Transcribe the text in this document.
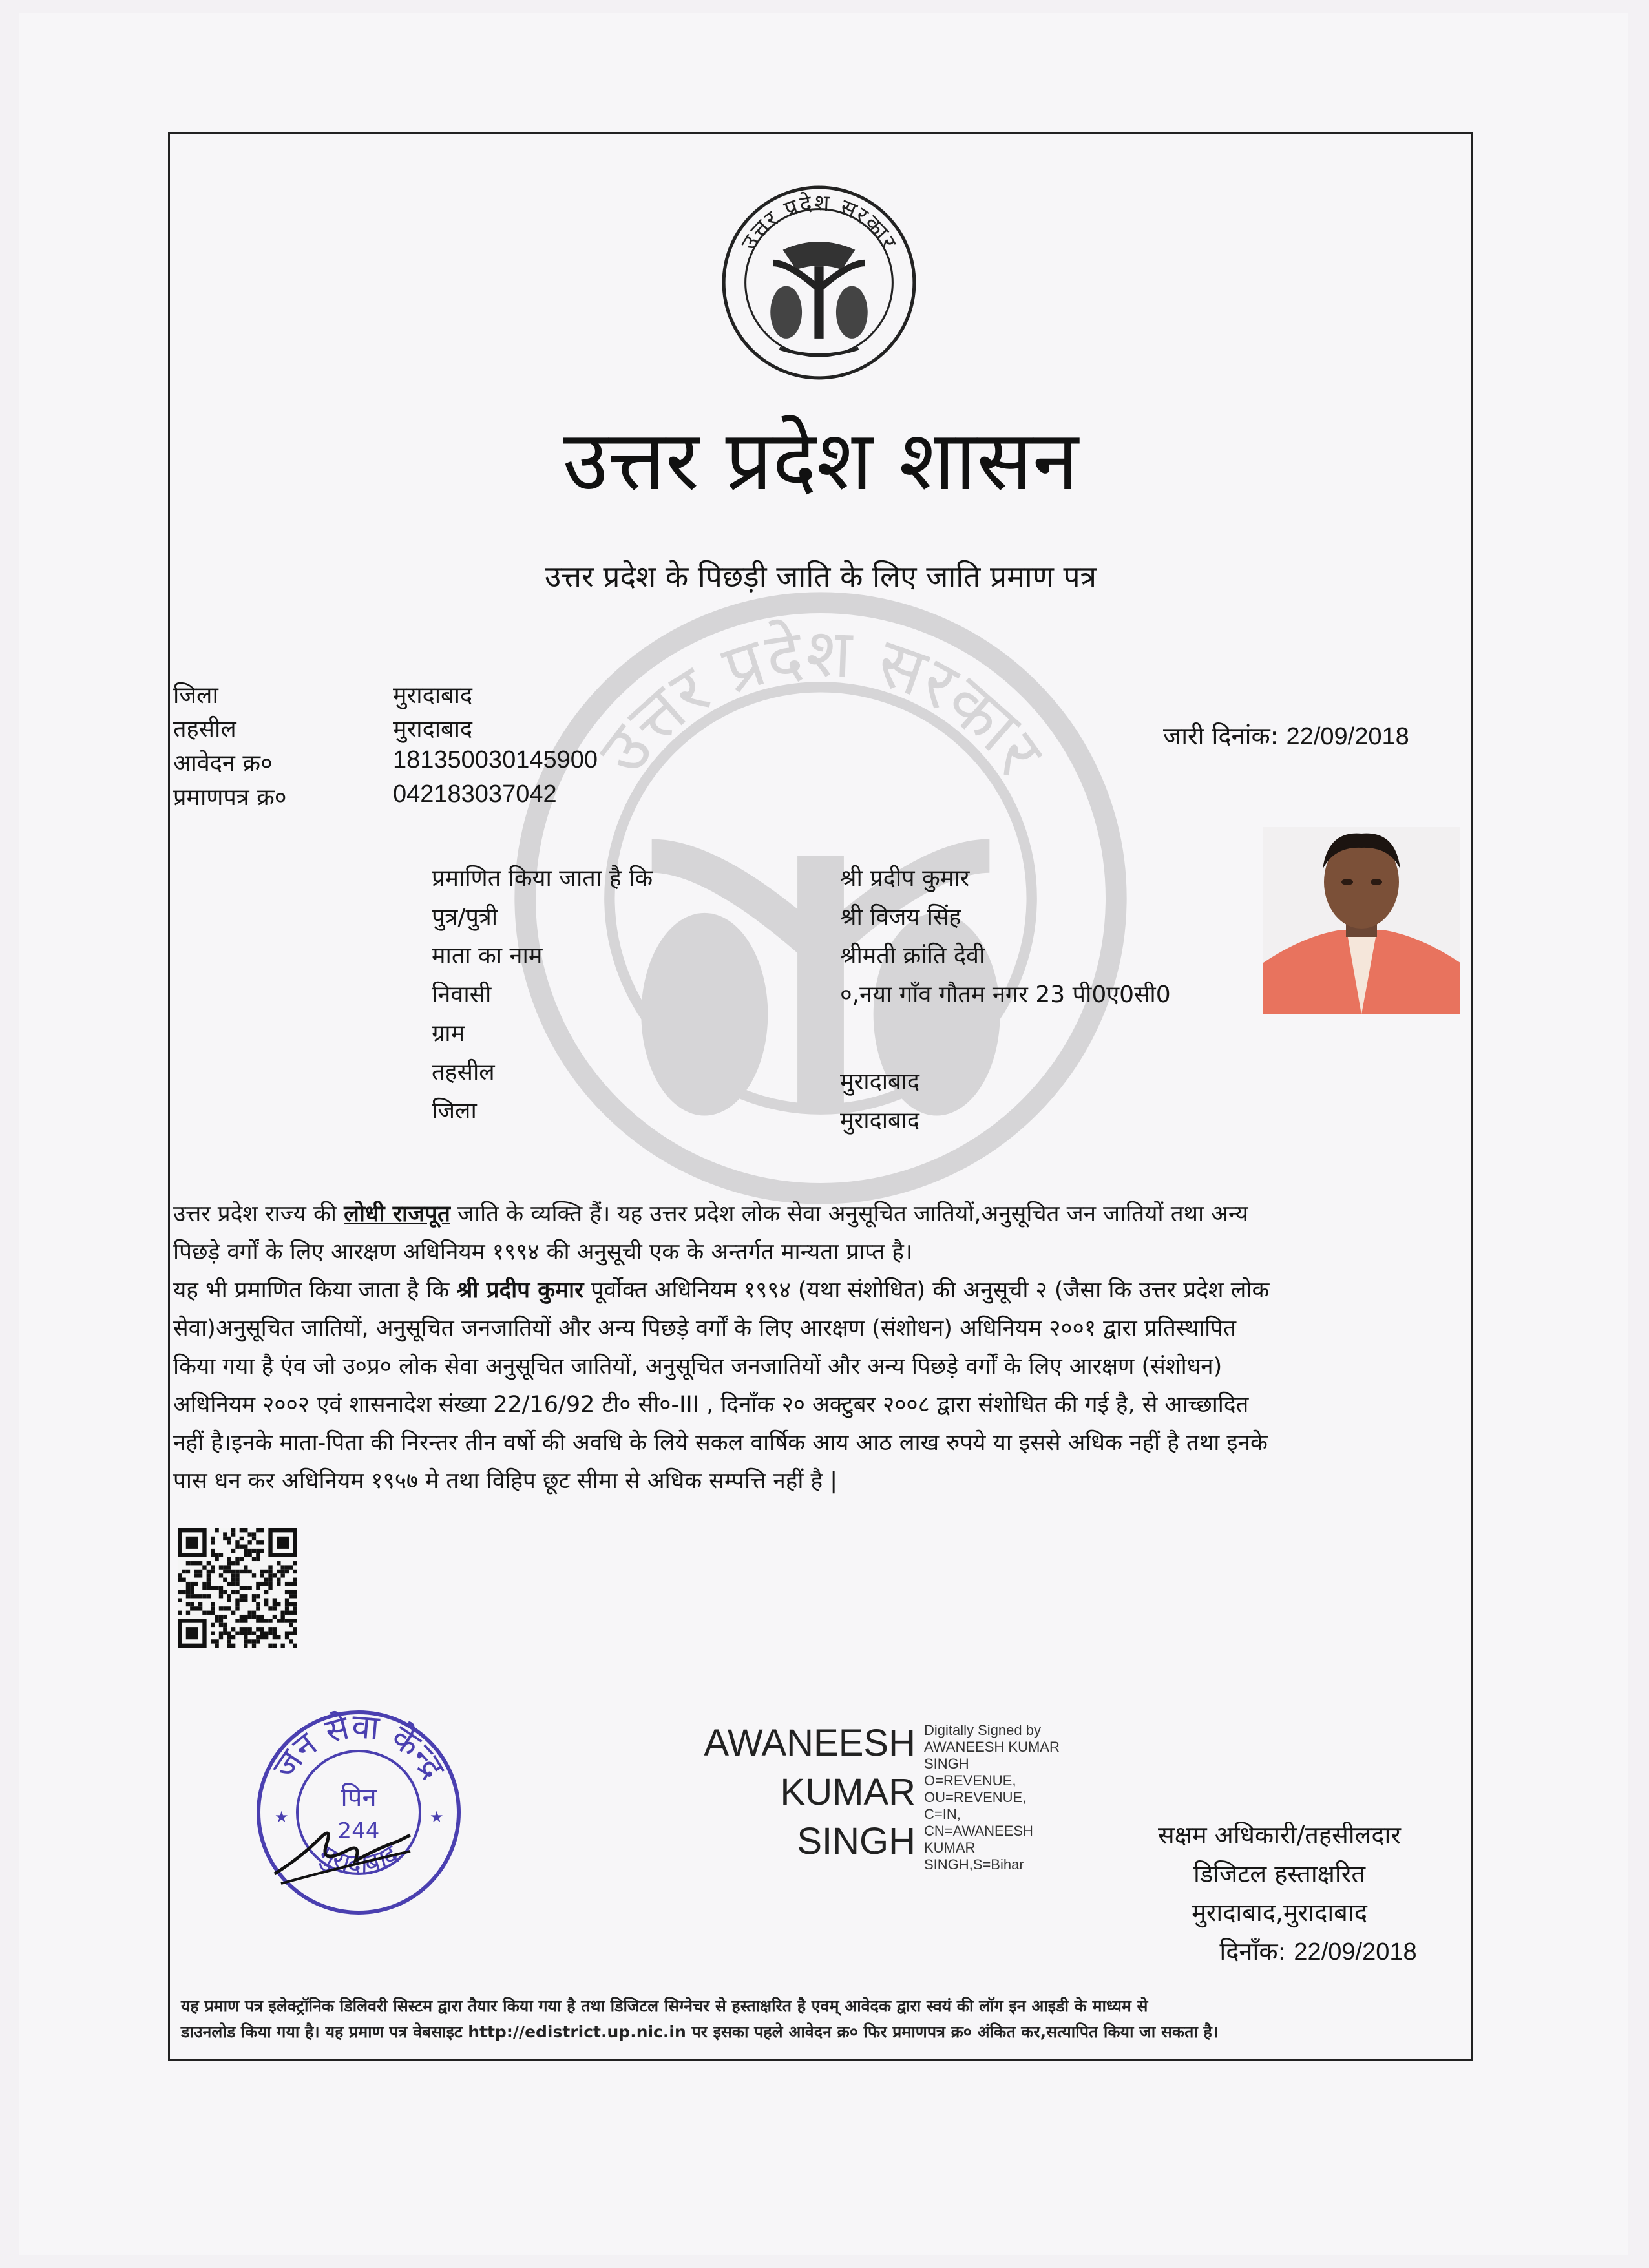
उत्तर प्रदेश सरकार
उत्तर प्रदेश सरकार
उत्तर प्रदेश शासन
उत्तर प्रदेश के पिछड़ी जाति के लिए जाति प्रमाण पत्र
जिला	मुरादाबाद
तहसील	मुरादाबाद
आवेदन क्र०	181350030145900
प्रमाणपत्र क्र०	042183037042
जारी दिनांक: 22/09/2018
प्रमाणित किया जाता है कि	श्री प्रदीप कुमार
पुत्र/पुत्री	श्री विजय सिंह
माता का नाम	श्रीमती क्रांति देवी
निवासी	०,नया गाँव गौतम नगर 23 पी0ए0सी0
ग्राम
तहसील	मुरादाबाद
जिला	मुरादाबाद
उत्तर प्रदेश राज्य की लोधी राजपूत जाति के व्यक्ति हैं। यह उत्तर प्रदेश लोक सेवा अनुसूचित जातियों,अनुसूचित जन जातियों तथा अन्य
पिछड़े वर्गों के लिए आरक्षण अधिनियम १९९४ की अनुसूची एक के अन्तर्गत मान्यता प्राप्त है।
यह भी प्रमाणित किया जाता है कि श्री प्रदीप कुमार पूर्वोक्त अधिनियम १९९४ (यथा संशोधित) की अनुसूची २ (जैसा कि उत्तर प्रदेश लोक
सेवा)अनुसूचित जातियों, अनुसूचित जनजातियों और अन्य पिछड़े वर्गों के लिए आरक्षण (संशोधन) अधिनियम २००१ द्वारा प्रतिस्थापित
किया गया है एंव जो उ०प्र० लोक सेवा अनुसूचित जातियों, अनुसूचित जनजातियों और अन्य पिछड़े वर्गों के लिए आरक्षण (संशोधन)
अधिनियम २००२ एवं शासनादेश संख्या 22/16/92 टी० सी०-III , दिनाँक २० अक्टुबर २००८ द्वारा संशोधित की गई है, से आच्छादित
नहीं है।इनके माता-पिता की निरन्तर तीन वर्षो की अवधि के लिये सकल वार्षिक आय आठ लाख रुपये या इससे अधिक नहीं है तथा इनके
पास धन कर अधिनियम १९५७ मे तथा विहिप छूट सीमा से अधिक सम्पत्ति नहीं है |
जन सेवा केन्द्र
मुरादाबाद
पिन
244
★	★
AWANEESH
KUMAR
SINGH
Digitally Signed by
AWANEESH KUMAR
SINGH
O=REVENUE,
OU=REVENUE,
C=IN,
CN=AWANEESH
KUMAR
SINGH,S=Bihar
सक्षम अधिकारी/तहसीलदार
डिजिटल हस्ताक्षरित
मुरादाबाद,मुरादाबाद
दिनाँक: 22/09/2018
यह प्रमाण पत्र इलेक्ट्रॉनिक डिलिवरी सिस्टम द्वारा तैयार किया गया है तथा डिजिटल सिग्नेचर से हस्ताक्षरित है एवम् आवेदक द्वारा स्वयं की लॉग इन आइडी के माध्यम से
डाउनलोड किया गया है। यह प्रमाण पत्र वेबसाइट http://edistrict.up.nic.in पर इसका पहले आवेदन क्र० फिर प्रमाणपत्र क्र० अंकित कर,सत्यापित किया जा सकता है।
